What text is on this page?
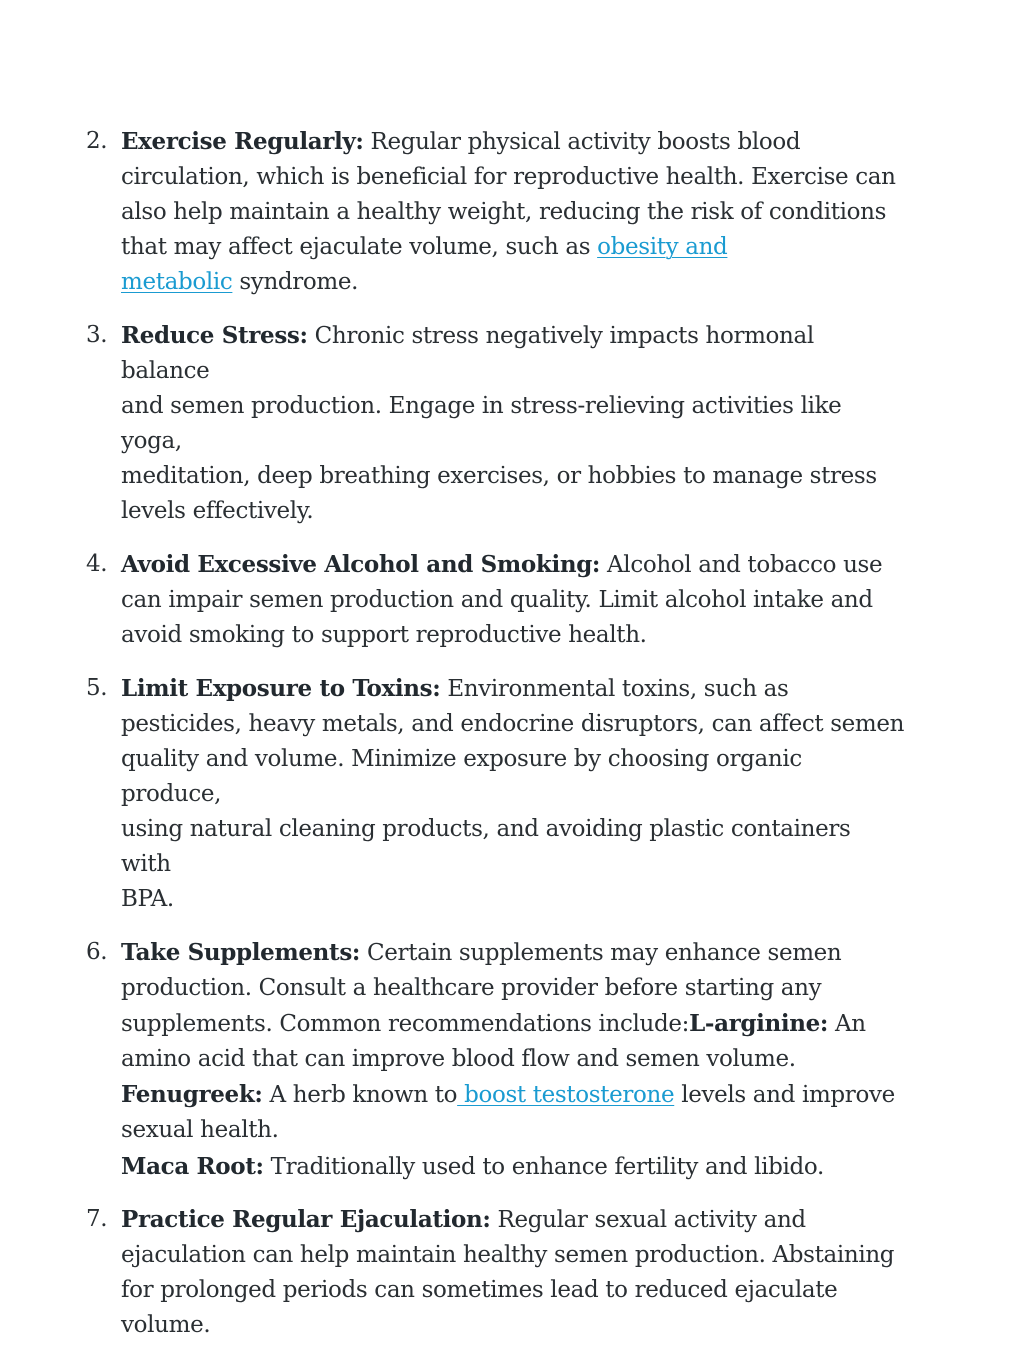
2. Exercise Regularly: Regular physical activity boosts blood
circulation, which is beneficial for reproductive health. Exercise can
also help maintain a healthy weight, reducing the risk of conditions
that may affect ejaculate volume, such as obesity and
metabolic syndrome.
3. Reduce Stress: Chronic stress negatively impacts hormonal balance
and semen production. Engage in stress-relieving activities like yoga,
meditation, deep breathing exercises, or hobbies to manage stress
levels effectively.
4. Avoid Excessive Alcohol and Smoking: Alcohol and tobacco use
can impair semen production and quality. Limit alcohol intake and
avoid smoking to support reproductive health.
5. Limit Exposure to Toxins: Environmental toxins, such as
pesticides, heavy metals, and endocrine disruptors, can affect semen
quality and volume. Minimize exposure by choosing organic produce,
using natural cleaning products, and avoiding plastic containers with
BPA.
6. Take Supplements: Certain supplements may enhance semen
production. Consult a healthcare provider before starting any
supplements. Common recommendations include:L-arginine: An
amino acid that can improve blood flow and semen volume.
Fenugreek: A herb known to boost testosterone levels and improve
sexual health.
Maca Root: Traditionally used to enhance fertility and libido.
7. Practice Regular Ejaculation: Regular sexual activity and
ejaculation can help maintain healthy semen production. Abstaining
for prolonged periods can sometimes lead to reduced ejaculate
volume.
